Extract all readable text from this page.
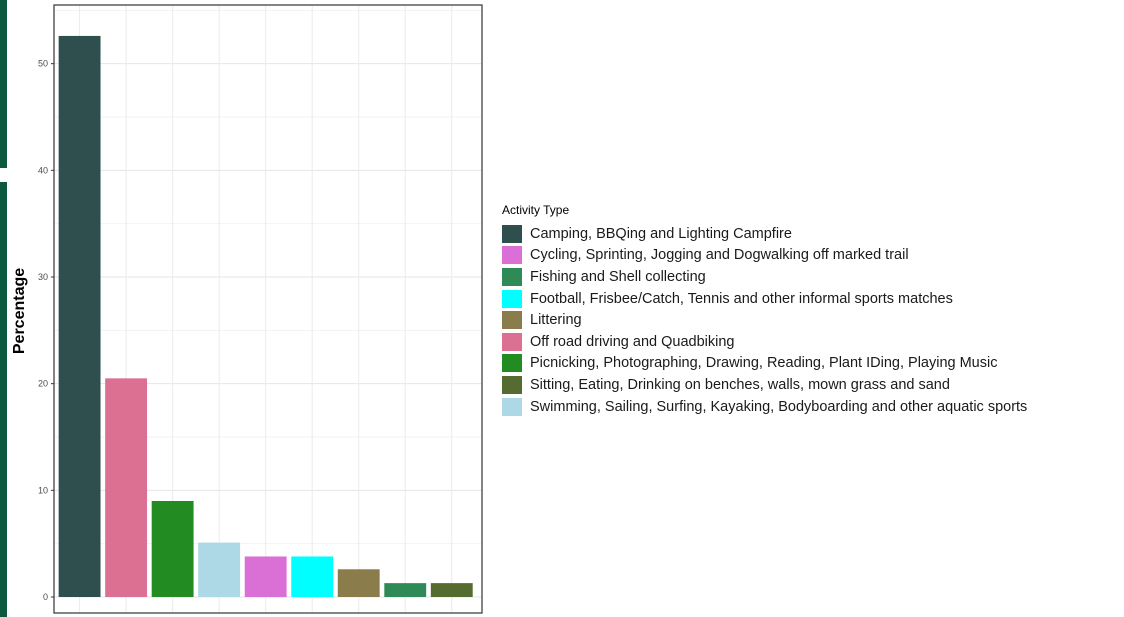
0
10
20
30
40
50
Percentage
Activity Type
Camping, BBQing and Lighting Campfire
Cycling, Sprinting, Jogging and Dogwalking off marked trail
Fishing and Shell collecting
Football, Frisbee/Catch, Tennis and other informal sports matches
Littering
Off road driving and Quadbiking
Picnicking, Photographing, Drawing, Reading, Plant IDing, Playing Music
Sitting, Eating, Drinking on benches, walls, mown grass and sand
Swimming, Sailing, Surfing, Kayaking, Bodyboarding and other aquatic sports
